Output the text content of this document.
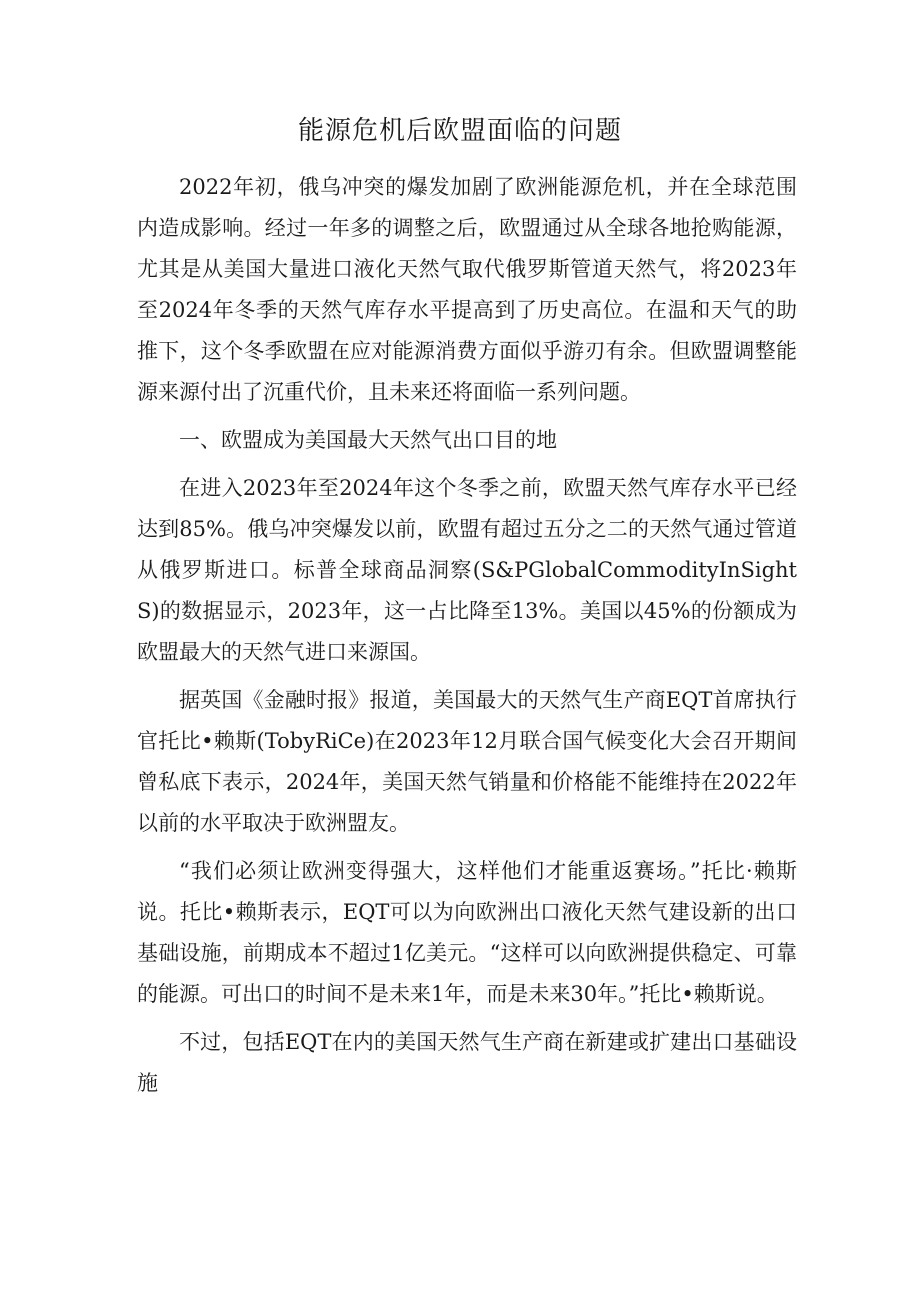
能源危机后欧盟面临的问题

2022年初，俄乌冲突的爆发加剧了欧洲能源危机，并在全球范围内造成影响。经过一年多的调整之后，欧盟通过从全球各地抢购能源，尤其是从美国大量进口液化天然气取代俄罗斯管道天然气，将2023年至2024年冬季的天然气库存水平提高到了历史高位。在温和天气的助推下，这个冬季欧盟在应对能源消费方面似乎游刃有余。但欧盟调整能源来源付出了沉重代价，且未来还将面临一系列问题。

一、欧盟成为美国最大天然气出口目的地

在进入2023年至2024年这个冬季之前，欧盟天然气库存水平已经达到85%。俄乌冲突爆发以前，欧盟有超过五分之二的天然气通过管道从俄罗斯进口。标普全球商品洞察(S&PGlobalCommodityInSightS)的数据显示，2023年，这一占比降至13%。美国以45%的份额成为欧盟最大的天然气进口来源国。

据英国《金融时报》报道，美国最大的天然气生产商EQT首席执行官托比•赖斯(TobyRiCe)在2023年12月联合国气候变化大会召开期间曾私底下表示，2024年，美国天然气销量和价格能不能维持在2022年以前的水平取决于欧洲盟友。

“我们必须让欧洲变得强大，这样他们才能重返赛场。”托比·赖斯说。托比•赖斯表示，EQT可以为向欧洲出口液化天然气建设新的出口基础设施，前期成本不超过1亿美元。“这样可以向欧洲提供稳定、可靠的能源。可出口的时间不是未来1年，而是未来30年。”托比•赖斯说。

不过，包括EQT在内的美国天然气生产商在新建或扩建出口基础设施
